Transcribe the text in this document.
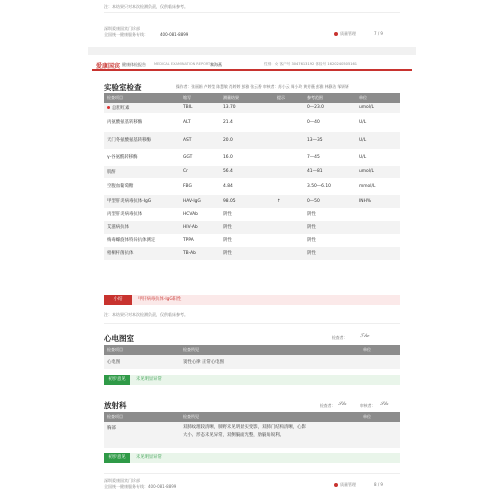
注：本结果只对本次检测负责，仅供临床参考。
深圳爱康国宾门诊部
全国统一健康服务专线：	400-081-8899	质量管理	7 / 9
爱康国宾 健康体检报告 MEDICAL EXAMINATION REPORT 黎海燕	性别：女 客户号 3047613192 体检号 1620240505161
实验室检查	操作者：张丽娟 卢婷莹 陈慧敏 肖婷婷 彭雅 张云香 审核者：苏小云 周小玲 黄芳薇 彭雅 林静洁 邹妍妍
检查项目	缩写	测量结果	提示	参考范围	单位
总胆红素	TBIL	13.70		0—23.0	umol/L
丙氨酸氨基转移酶	ALT	21.4		0—40	U/L
天门冬氨酸氨基转移酶	AST	20.0		13—35	U/L
γ-谷氨酰转移酶	GGT	16.0		7—45	U/L
肌酐	Cr	56.4		41—81	umol/L
空腹血葡萄糖	FBG	4.84		3.50—6.10	mmol/L
甲型肝炎病毒抗体-IgG	HAV-IgG	98.05	↑	0—50	INH%
丙型肝炎病毒抗体	HCVAb	阴性		阴性	
艾滋病抗体	HIV-Ab	阴性		阴性	
梅毒螺旋体特异抗体测定	TPPA	阴性		阴性	
梧桐杆菌抗体	TB-Ab	阴性		阴性	
小结	甲肝病毒抗体-IgG阳性
注：本结果只对本次检测负责，仅供临床参考。
心电图室	检查者：	ℱ𝓁𝓌
检查项目	检查所见	单位
心电图	窦性心律 正常心电图	
初步意见	未见明显异常
放射科	检查者： 𝒮𝓁𝒶	审核者： 𝒮𝓁𝒶
检查项目	检查所见	单位
胸部	双肺纹理较清晰，肺野未见明显实变影，双肺门结构清晰，心影
大小、形态未见异常，双侧膈面光整，肋膈角锐利。	

初步意见	未见明显异常
深圳爱康国宾门诊部
全国统一健康服务专线：400-081-8899	质量管理	8 / 9
